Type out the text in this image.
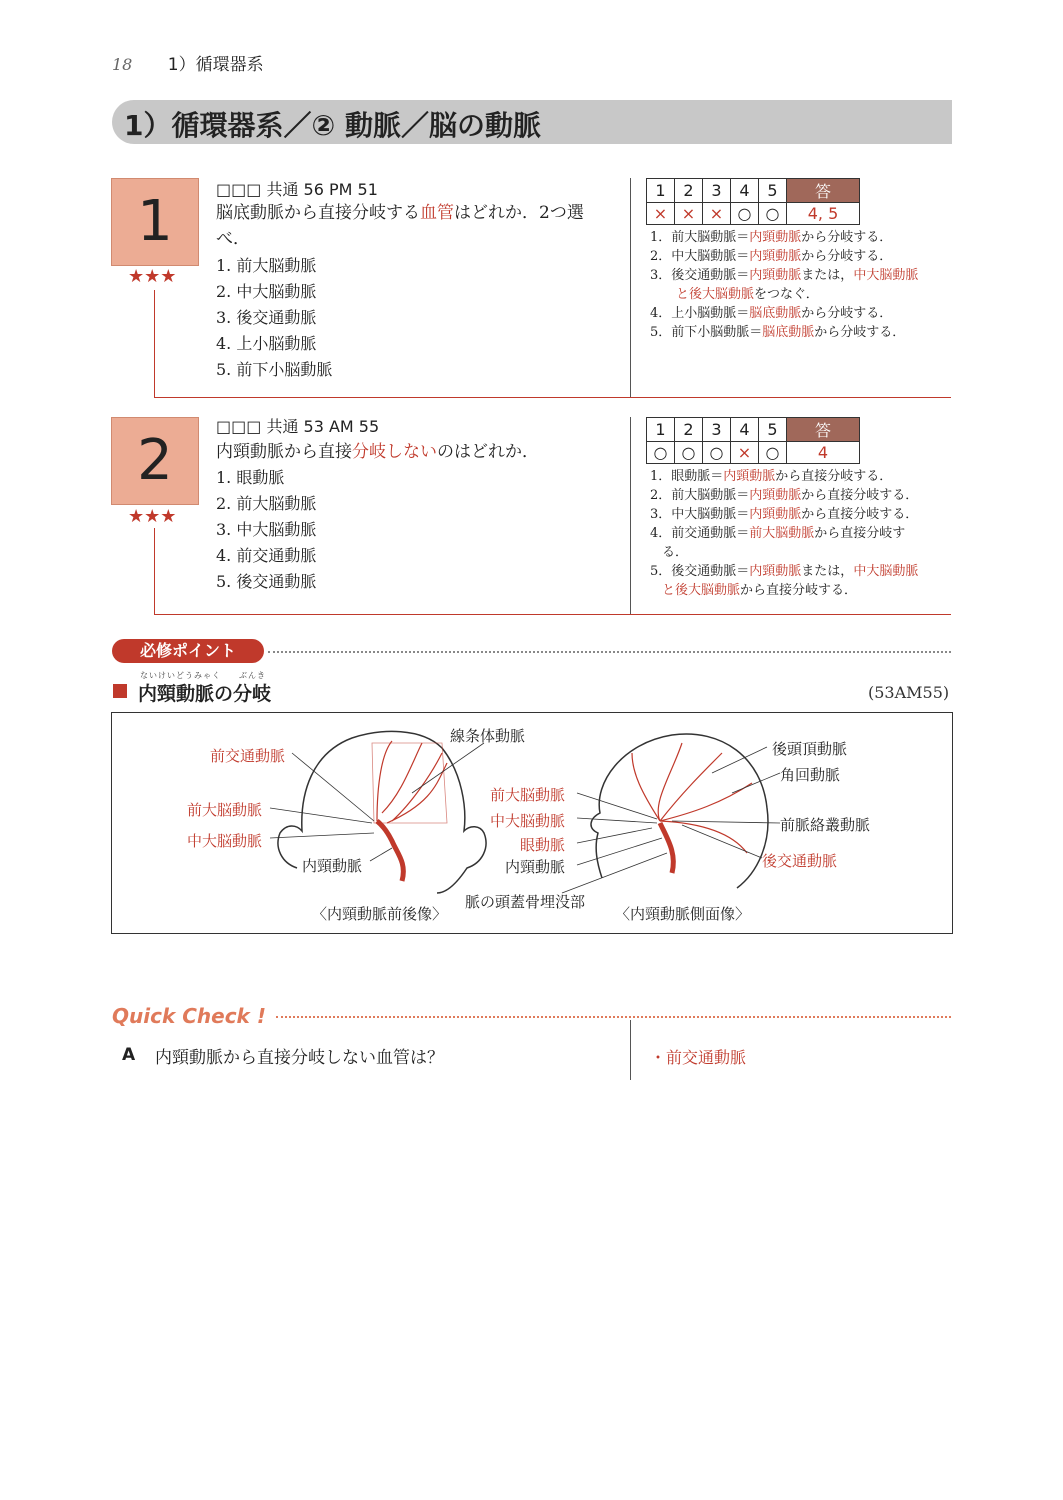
18 1）循環器系
1）循環器系／② 動脈／脳の動脈
1
★★★
□□□ 共通 56 PM 51
脳底動脈から直接分岐する血管はどれか．2つ選
べ．
1. 前大脳動脈
2. 中大脳動脈
3. 後交通動脈
4. 上小脳動脈
5. 前下小脳動脈
1	2	3	4	5	答
×	×	×	○	○	4, 5
1．前大脳動脈＝内頸動脈から分岐する．
2．中大脳動脈＝内頸動脈から分岐する．
3．後交通動脈＝内頸動脈または，中大脳動脈
と後大脳動脈をつなぐ．
4．上小脳動脈＝脳底動脈から分岐する．
5．前下小脳動脈＝脳底動脈から分岐する．
2
★★★
□□□ 共通 53 AM 55
内頸動脈から直接分岐しないのはどれか．
1. 眼動脈
2. 前大脳動脈
3. 中大脳動脈
4. 前交通動脈
5. 後交通動脈
1	2	3	4	5	答
○	○	○	×	○	4
1．眼動脈＝内頸動脈から直接分岐する．
2．前大脳動脈＝内頸動脈から直接分岐する．
3．中大脳動脈＝内頸動脈から直接分岐する．
4．前交通動脈＝前大脳動脈から直接分岐す
る．
5．後交通動脈＝内頸動脈または，中大脳動脈
と後大脳動脈から直接分岐する．
必修ポイント
ないけいどうみゃく　　ぶんき
内頸動脈の分岐	(53AM55)
前交通動脈
前大脳動脈
中大脳動脈
内頸動脈
線条体動脈
〈内頸動脈前後像〉
前大脳動脈
中大脳動脈
眼動脈
内頸動脈
後頭頂動脈
角回動脈
前脈絡叢動脈
後交通動脈
〈内頸動脈側面像〉
脈の頭蓋骨埋没部
Quick Check !
A 内頸動脈から直接分岐しない血管は？	・前交通動脈
